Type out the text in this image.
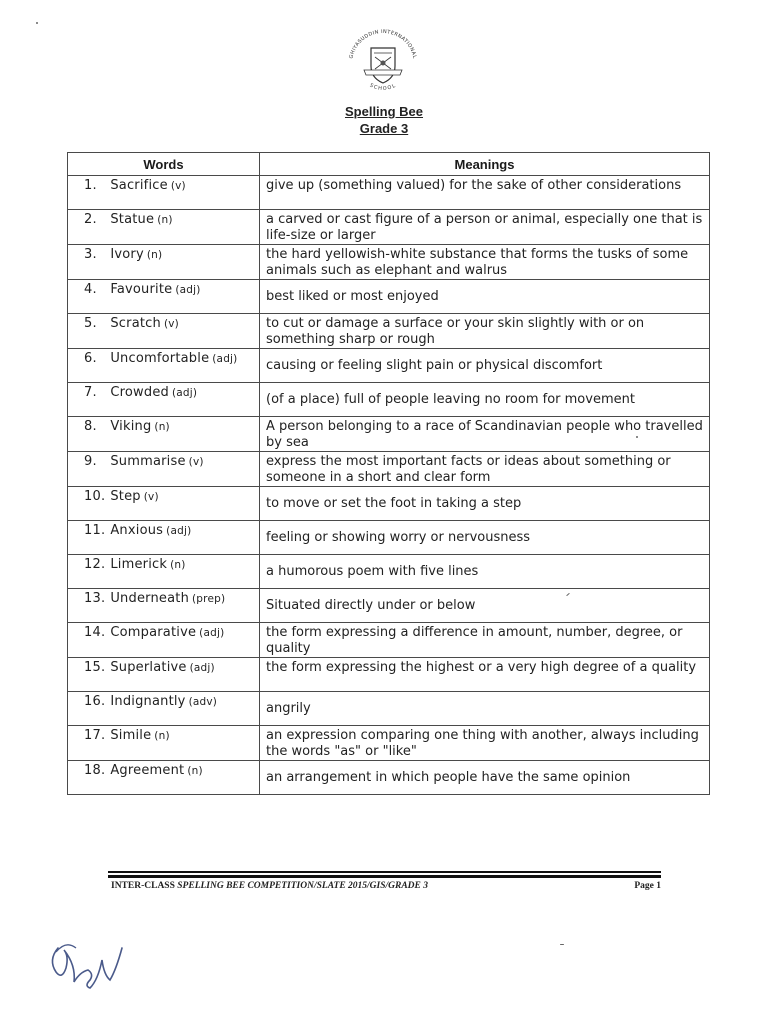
GHIYASUDDIN INTERNATIONAL
SCHOOL
Spelling Bee
Grade 3
Words	Meanings

1. Sacrifice (v)	give up (something valued) for the sake of other considerations

2. Statue (n)	a carved or cast figure of a person or animal, especially one that is life-size or larger

3. Ivory (n)	the hard yellowish-white substance that forms the tusks of some animals such as elephant and walrus

4. Favourite (adj)	best liked or most enjoyed

5. Scratch (v)	to cut or damage a surface or your skin slightly with or on something sharp or rough

6. Uncomfortable (adj)	causing or feeling slight pain or physical discomfort

7. Crowded (adj)	(of a place) full of people leaving no room for movement

8. Viking (n)	A person belonging to a race of Scandinavian people who travelled by sea

9. Summarise (v)	express the most important facts or ideas about something or someone in a short and clear form

10. Step (v)	to move or set the foot in taking a step

11. Anxious (adj)	feeling or showing worry or nervousness

12. Limerick (n)	a humorous poem with five lines

13. Underneath (prep)	Situated directly under or below

14. Comparative (adj)	the form expressing a difference in amount, number, degree, or quality

15. Superlative (adj)	the form expressing the highest or a very high degree of a quality

16. Indignantly (adv)	angrily

17. Simile (n)	an expression comparing one thing with another, always including the words "as" or "like"

18. Agreement (n)	an arrangement in which people have the same opinion
INTER-CLASS SPELLING BEE COMPETITION/SLATE 2015/GIS/GRADE 3	Page 1
